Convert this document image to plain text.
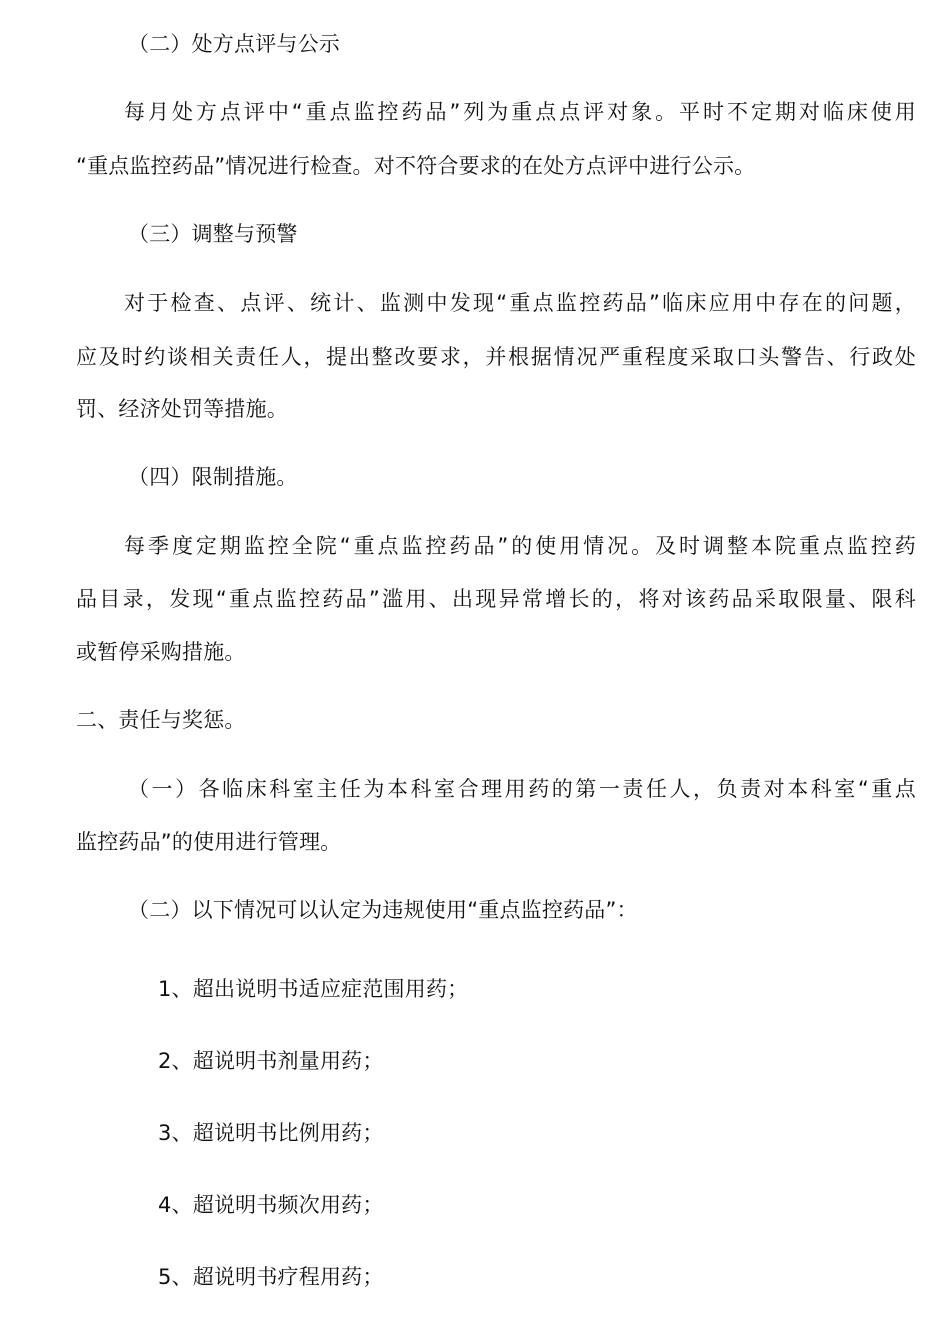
（二）处方点评与公示
每月处方点评中“重点监控药品”列为重点点评对象。平时不定期对临床使用
“重点监控药品”情况进行检查。对不符合要求的在处方点评中进行公示。
（三）调整与预警
对于检查、点评、统计、监测中发现“重点监控药品”临床应用中存在的问题，
应及时约谈相关责任人，提出整改要求，并根据情况严重程度采取口头警告、行政处
罚、经济处罚等措施。
（四）限制措施。
每季度定期监控全院“重点监控药品”的使用情况。及时调整本院重点监控药
品目录，发现“重点监控药品”滥用、出现异常增长的，将对该药品采取限量、限科
或暂停采购措施。
二、责任与奖惩。
（一）各临床科室主任为本科室合理用药的第一责任人，负责对本科室“重点
监控药品”的使用进行管理。
（二）以下情况可以认定为违规使用“重点监控药品”：
1、超出说明书适应症范围用药；
2、超说明书剂量用药；
3、超说明书比例用药；
4、超说明书频次用药；
5、超说明书疗程用药；
